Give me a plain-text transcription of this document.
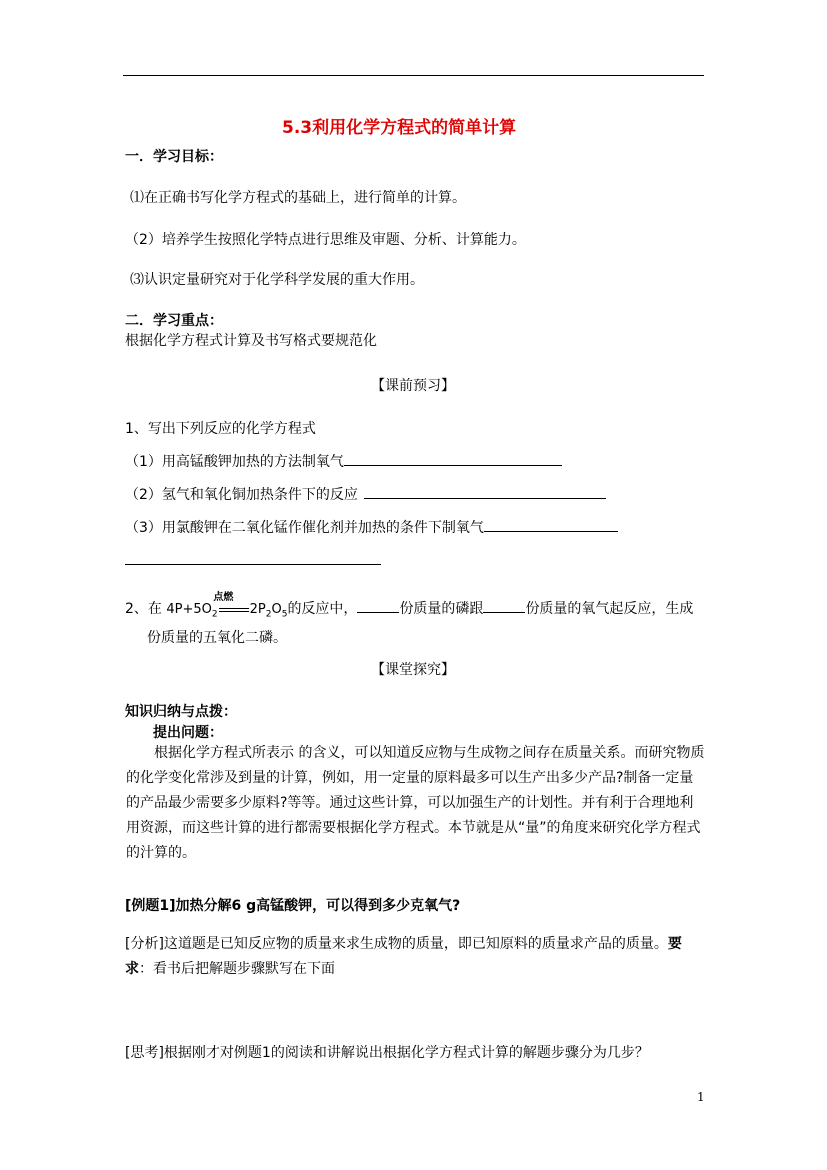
5.3利用化学方程式的简单计算
一．学习目标：
⑴在正确书写化学方程式的基础上，进行简单的计算。
（2）培养学生按照化学特点进行思维及审题、分析、计算能力。
⑶认识定量研究对于化学科学发展的重大作用。
二．学习重点：
根据化学方程式计算及书写格式要规范化
【课前预习】
1、写出下列反应的化学方程式
（1）用高锰酸钾加热的方法制氧气
（2）氢气和氧化铜加热条件下的反应
（3）用氯酸钾在二氧化锰作催化剂并加热的条件下制氧气
2、在 $4P+5O_2$
点燃
$2P_2O_5$的反应中，	份质量的磷跟	份质量的氧气起反应，生成
份质量的五氧化二磷。
【课堂探究】
知识归纳与点拨：
提出问题：
根据化学方程式所表示 的含义，可以知道反应物与生成物之间存在质量关系。而研究物质的化学变化常涉及到量的计算，例如，用一定量的原料最多可以生产出多少产品?制备一定量的产品最少需要多少原料?等等。通过这些计算，可以加强生产的计划性。并有利于合理地利用资源，而这些计算的进行都需要根据化学方程式。本节就是从“量”的角度来研究化学方程式的汁算的。
[例题1]加热分解6 g高锰酸钾，可以得到多少克氧气?
[分析]这道题是已知反应物的质量来求生成物的质量，即已知原料的质量求产品的质量。要
求：看书后把解题步骤默写在下面
[思考]根据刚才对例题1的阅读和讲解说出根据化学方程式计算的解题步骤分为几步？
1
